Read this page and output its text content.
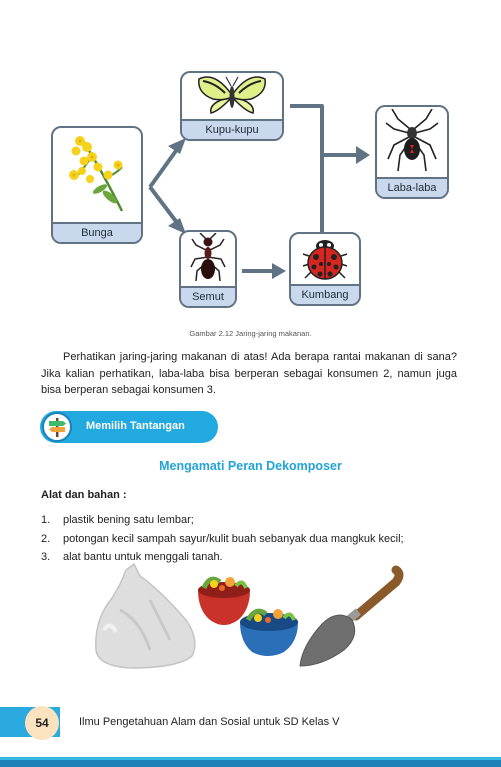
Bunga
Kupu-kupu
Semut	Kumbang
Laba-laba
Gambar 2.12 Jaring-jaring makanan.

Perhatikan jaring-jaring makanan di atas! Ada berapa rantai makanan di sana? Jika kalian perhatikan, laba-laba bisa berperan sebagai konsumen 2, namun juga bisa berperan sebagai konsumen 3.

Memilih Tantangan
Mengamati Peran Dekomposer
Alat dan bahan :
1.	plastik bening satu lembar;
2.	potongan kecil sampah sayur/kulit buah sebanyak dua mangkuk kecil;
3.	alat bantu untuk menggali tanah.
54	Ilmu Pengetahuan Alam dan Sosial untuk SD Kelas V
